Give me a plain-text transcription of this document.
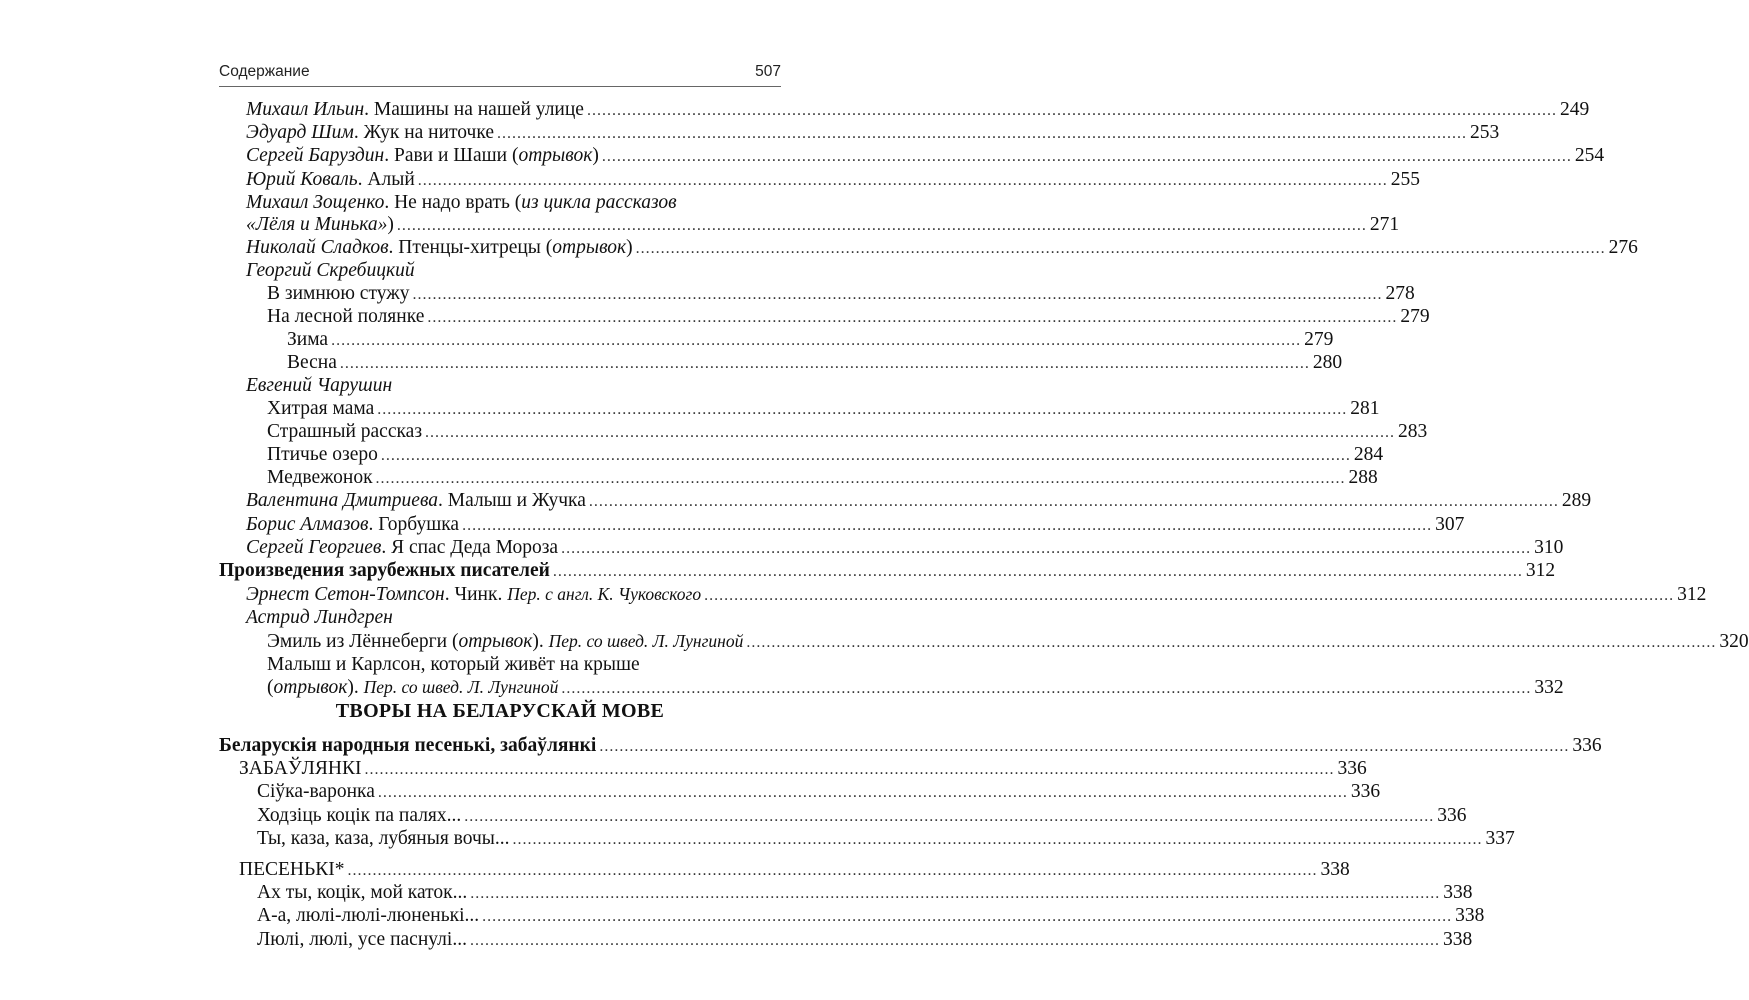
Содержание	507
Михаил Ильин. Машины на нашей улице .....	249
Эдуард Шим. Жук на ниточке .....	253
Сергей Баруздин. Рави и Шаши (отрывок) .....	254
Юрий Коваль. Алый .....	255
Михаил Зощенко. Не надо врать (из цикла рассказов
«Лёля и Минька») .....	271
Николай Сладков. Птенцы-хитрецы (отрывок) .....	276
Георгий Скребицкий
В зимнюю стужу .....	278
На лесной полянке .....	279
Зима .....	279
Весна .....	280
Евгений Чарушин
Хитрая мама .....	281
Страшный рассказ .....	283
Птичье озеро .....	284
Медвежонок .....	288
Валентина Дмитриева. Малыш и Жучка .....	289
Борис Алмазов. Горбушка .....	307
Сергей Георгиев. Я спас Деда Мороза .....	310
Произведения зарубежных писателей .....	312
Эрнест Сетон-Томпсон. Чинк. Пер. с англ. К. Чуковского .....	312
Астрид Линдгрен
Эмиль из Лённеберги (отрывок). Пер. со швед. Л. Лунгиной .....	320
Малыш и Карлсон, который живёт на крыше
(отрывок). Пер. со швед. Л. Лунгиной .....	332
ТВОРЫ НА БЕЛАРУСКАЙ МОВЕ
Беларускія народныя песенькі, забаўлянкі .....	336
ЗАБАЎЛЯНКІ .....	336
Сіўка-варонка .....	336
Ходзіць коцік па палях... .....	336
Ты, каза, каза, лубяныя вочы... .....	337
ПЕСЕНЬКІ* .....	338
Ах ты, коцік, мой каток... .....	338
А-а, люлі-люлі-люненькі... .....	338
Люлі, люлі, усе паснулі... .....	338
